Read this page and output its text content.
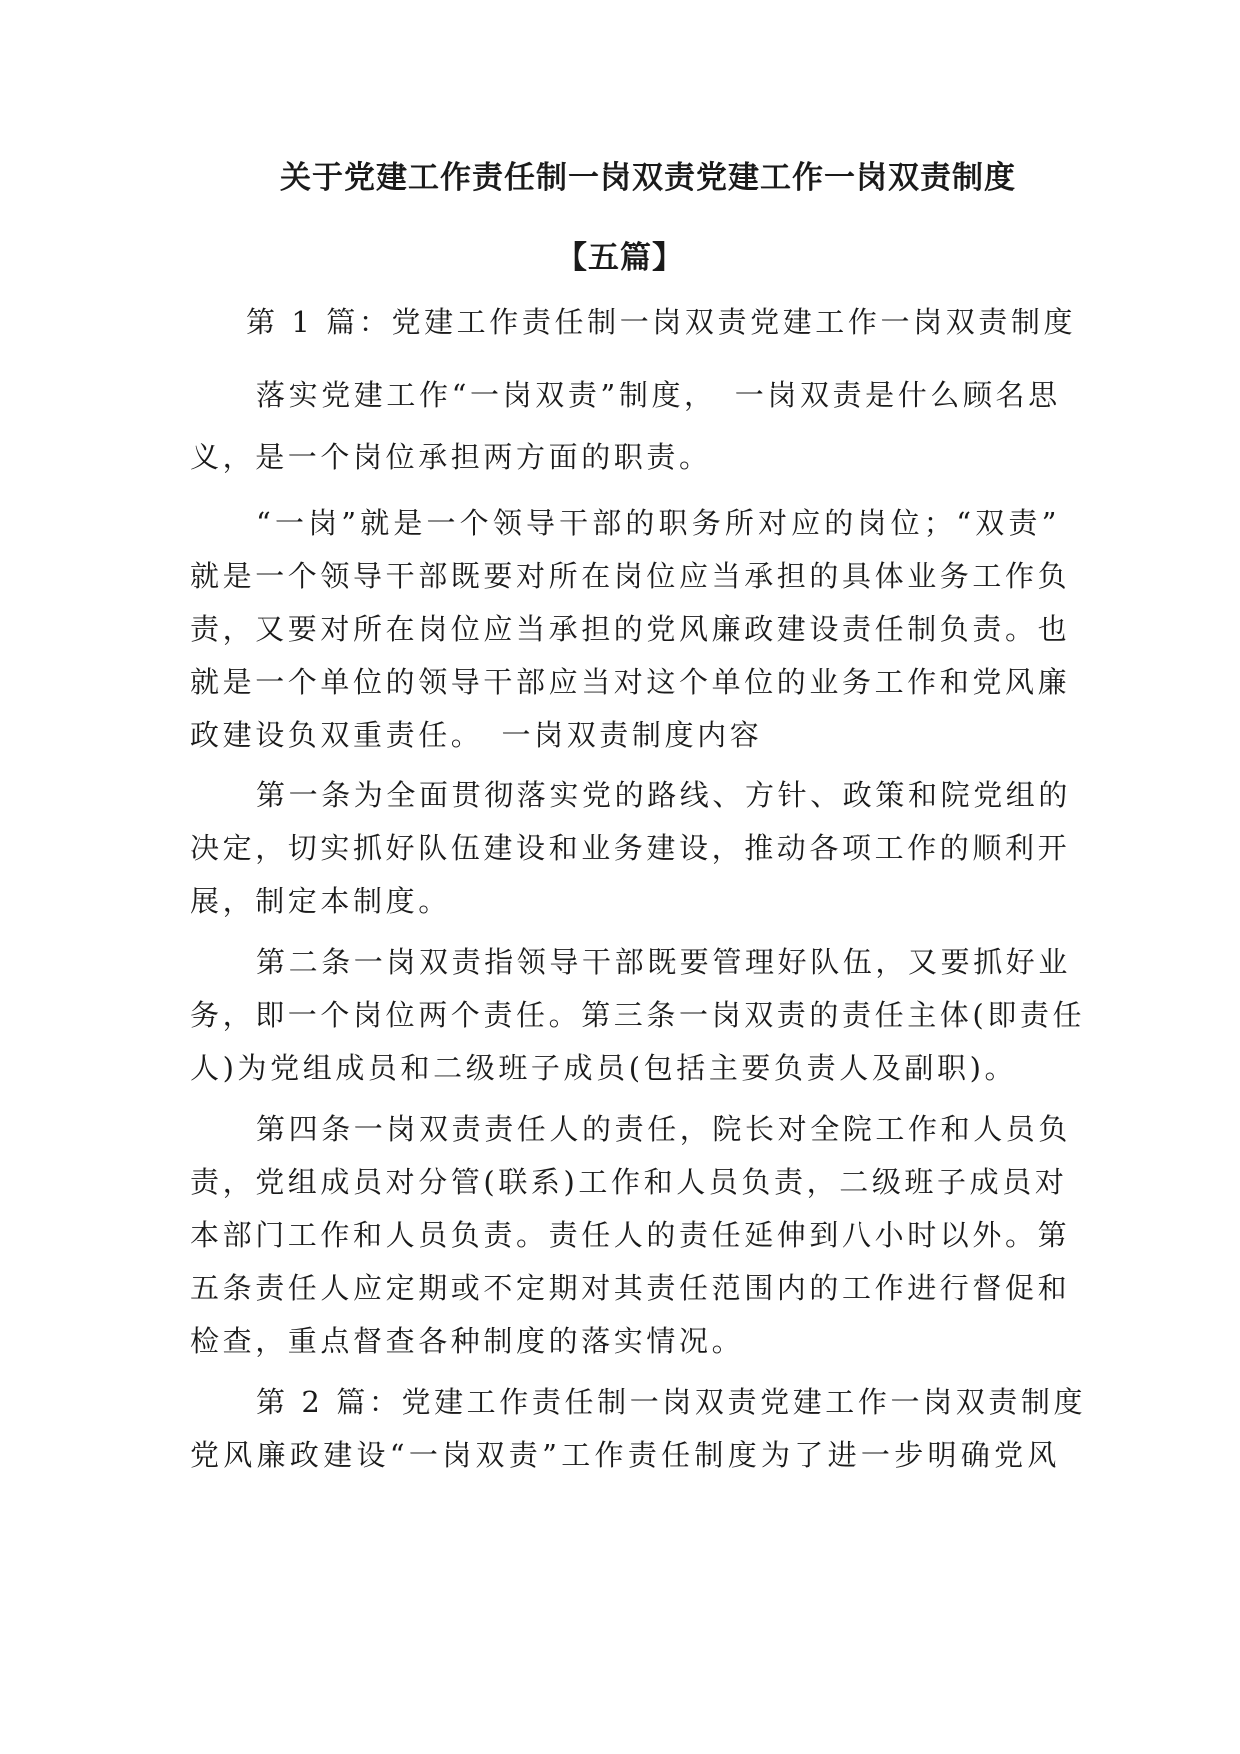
关于党建工作责任制一岗双责党建工作一岗双责制度
【五篇】
第 1 篇：党建工作责任制一岗双责党建工作一岗双责制度
落实党建工作“一岗双责”制度，　一岗双责是什么顾名思
义，是一个岗位承担两方面的职责。
“一岗”就是一个领导干部的职务所对应的岗位；“双责”
就是一个领导干部既要对所在岗位应当承担的具体业务工作负
责，又要对所在岗位应当承担的党风廉政建设责任制负责。也
就是一个单位的领导干部应当对这个单位的业务工作和党风廉
政建设负双重责任。　一岗双责制度内容
第一条为全面贯彻落实党的路线、方针、政策和院党组的
决定，切实抓好队伍建设和业务建设，推动各项工作的顺利开
展，制定本制度。
第二条一岗双责指领导干部既要管理好队伍，又要抓好业
务，即一个岗位两个责任。第三条一岗双责的责任主体(即责任
人)为党组成员和二级班子成员(包括主要负责人及副职)。
第四条一岗双责责任人的责任，院长对全院工作和人员负
责，党组成员对分管(联系)工作和人员负责，二级班子成员对
本部门工作和人员负责。责任人的责任延伸到八小时以外。第
五条责任人应定期或不定期对其责任范围内的工作进行督促和
检查，重点督查各种制度的落实情况。
第 2 篇：党建工作责任制一岗双责党建工作一岗双责制度
党风廉政建设“一岗双责”工作责任制度为了进一步明确党风
